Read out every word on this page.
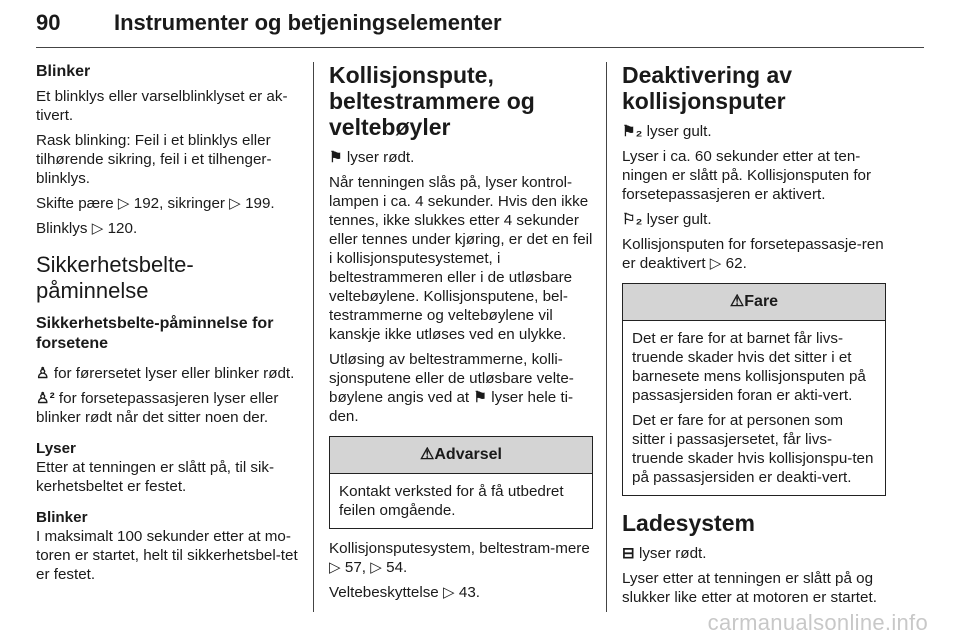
90 Instrumenter og betjeningselementer
Blinker

Et blinklys eller varselblinklyset er ak-tivert.

Rask blinking: Feil i et blinklys eller tilhørende sikring, feil i et tilhenger-blinklys.

Skifte pære ▷ 192, sikringer ▷ 199.

Blinklys ▷ 120.

Sikkerhetsbelte-påminnelse
Sikkerhetsbelte-påminnelse for forsetene

♙ for førersetet lyser eller blinker rødt.

♙² for forsetepassasjeren lyser eller blinker rødt når det sitter noen der.

Lyser

Etter at tenningen er slått på, til sik-kerhetsbeltet er festet.

Blinker

I maksimalt 100 sekunder etter at mo-toren er startet, helt til sikkerhetsbel-tet er festet.

Kollisjonspute, beltestrammere og veltebøyler

⚑ lyser rødt.

Når tenningen slås på, lyser kontrol-lampen i ca. 4 sekunder. Hvis den ikke tennes, ikke slukkes etter 4 sekunder eller tennes under kjøring, er det en feil i kollisjonsputesystemet, i beltestrammeren eller i de utløsbare veltebøylene. Kollisjonsputene, bel-testrammerne og veltebøylene vil kanskje ikke utløses ved en ulykke.

Utløsing av beltestrammerne, kolli-sjonsputene eller de utløsbare velte-bøylene angis ved at ⚑ lyser hele ti-den.

⚠Advarsel

Kontakt verksted for å få utbedret feilen omgående.

Kollisjonsputesystem, beltestram-mere ▷ 57, ▷ 54.

Veltebeskyttelse ▷ 43.

Deaktivering av kollisjonsputer

⚑₂ lyser gult.

Lyser i ca. 60 sekunder etter at ten-ningen er slått på. Kollisjonsputen for forsetepassasjeren er aktivert.

⚐₂ lyser gult.

Kollisjonsputen for forsetepassasje-ren er deaktivert ▷ 62.

⚠Fare

Det er fare for at barnet får livs-truende skader hvis det sitter i et barnesete mens kollisjonsputen på passasjersiden foran er akti-vert.

Det er fare for at personen som sitter i passasjersetet, får livs-truende skader hvis kollisjonspu-ten på passasjersiden er deakti-vert.

Ladesystem

⊟ lyser rødt.

Lyser etter at tenningen er slått på og slukker like etter at motoren er startet.

carmanualsonline.info
